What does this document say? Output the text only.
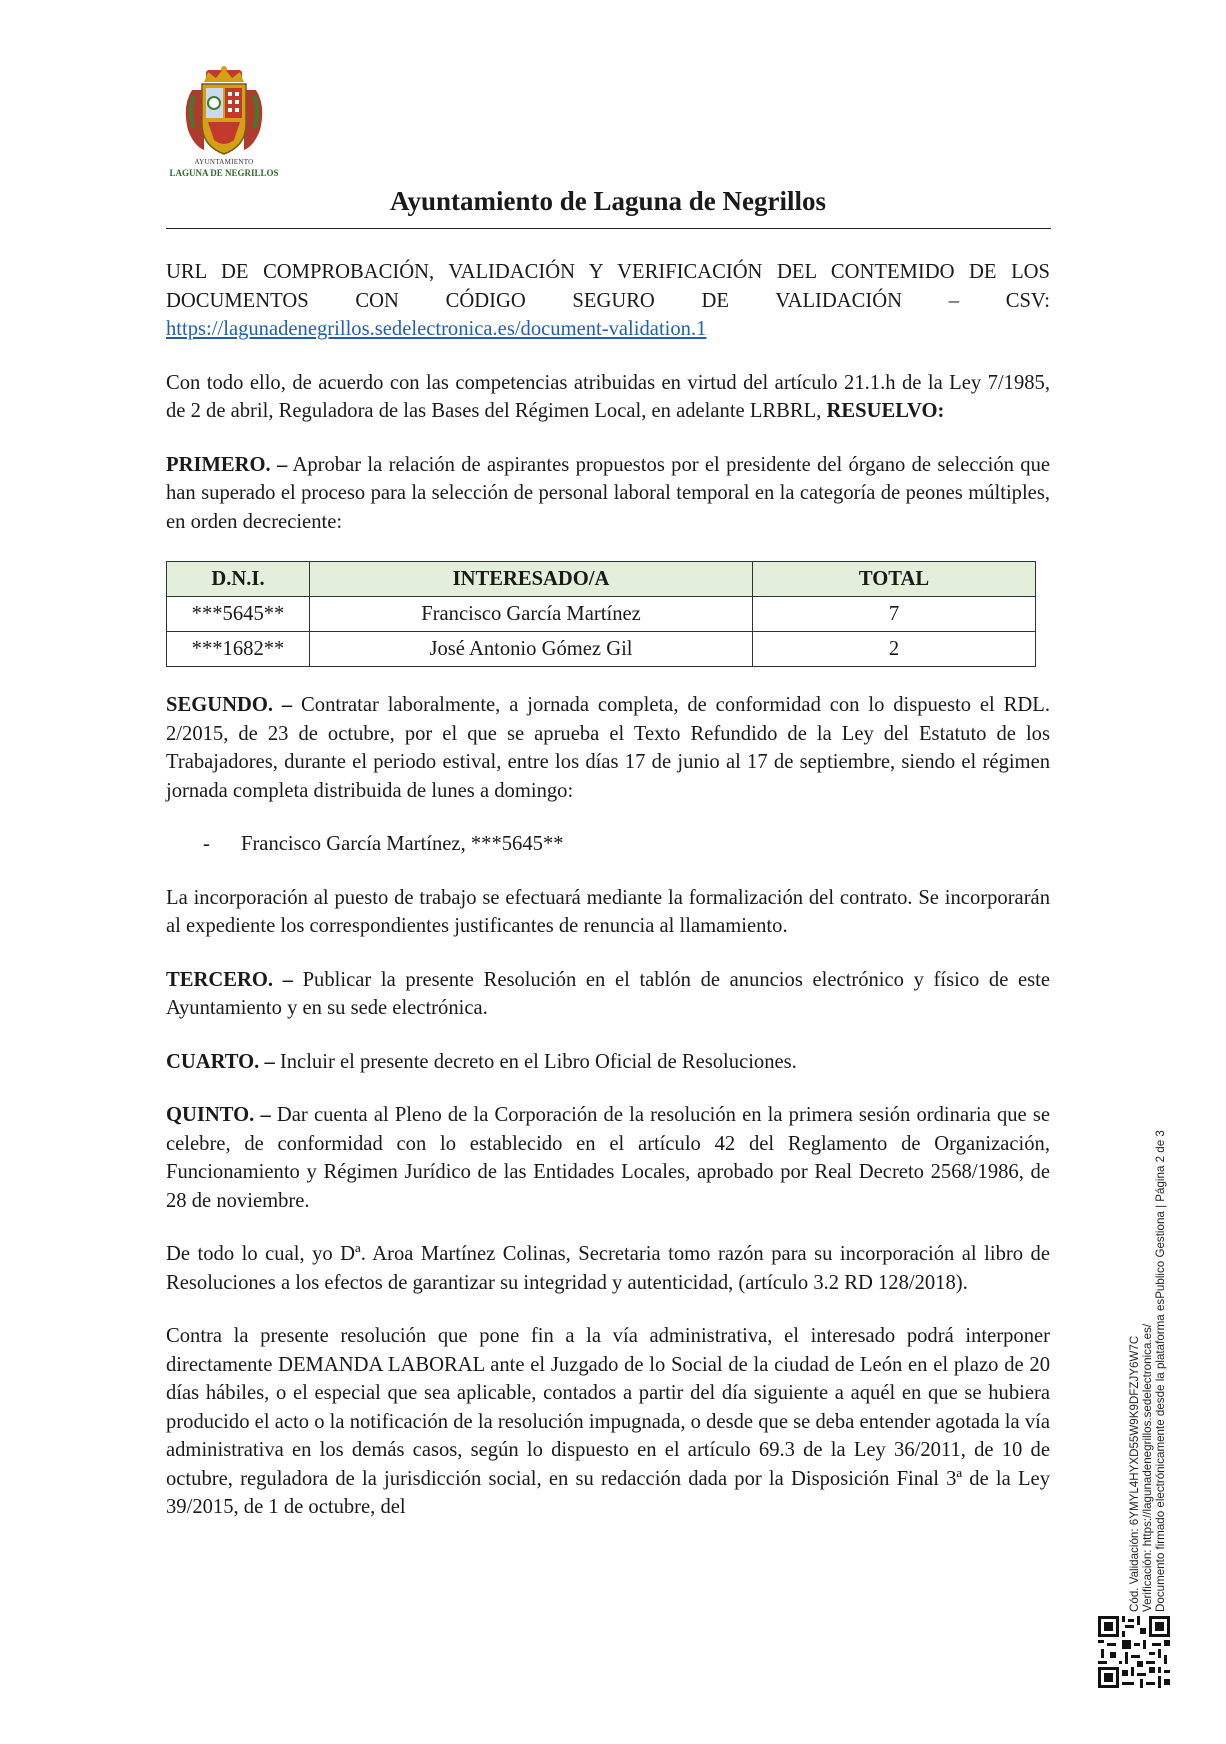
AYUNTAMIENTO
LAGUNA DE NEGRILLOS
Ayuntamiento de Laguna de Negrillos

URL DE COMPROBACIÓN, VALIDACIÓN Y VERIFICACIÓN DEL CONTEMIDO DE LOS DOCUMENTOS CON CÓDIGO SEGURO DE VALIDACIÓN – CSV: https://lagunadenegrillos.sedelectronica.es/document-validation.1

Con todo ello, de acuerdo con las competencias atribuidas en virtud del artículo 21.1.h de la Ley 7/1985, de 2 de abril, Reguladora de las Bases del Régimen Local, en adelante LRBRL, RESUELVO:

PRIMERO. – Aprobar la relación de aspirantes propuestos por el presidente del órgano de selección que han superado el proceso para la selección de personal laboral temporal en la categoría de peones múltiples, en orden decreciente:

D.N.I.	INTERESADO/A	TOTAL
***5645**	Francisco García Martínez	7
***1682**	José Antonio Gómez Gil	2

SEGUNDO. – Contratar laboralmente, a jornada completa, de conformidad con lo dispuesto el RDL. 2/2015, de 23 de octubre, por el que se aprueba el Texto Refundido de la Ley del Estatuto de los Trabajadores, durante el periodo estival, entre los días 17 de junio al 17 de septiembre, siendo el régimen jornada completa distribuida de lunes a domingo:

-	Francisco García Martínez, ***5645**

La incorporación al puesto de trabajo se efectuará mediante la formalización del contrato. Se incorporarán al expediente los correspondientes justificantes de renuncia al llamamiento.

TERCERO. – Publicar la presente Resolución en el tablón de anuncios electrónico y físico de este Ayuntamiento y en su sede electrónica.

CUARTO. – Incluir el presente decreto en el Libro Oficial de Resoluciones.

QUINTO. – Dar cuenta al Pleno de la Corporación de la resolución en la primera sesión ordinaria que se celebre, de conformidad con lo establecido en el artículo 42 del Reglamento de Organización, Funcionamiento y Régimen Jurídico de las Entidades Locales, aprobado por Real Decreto 2568/1986, de 28 de noviembre.

De todo lo cual, yo Dª. Aroa Martínez Colinas, Secretaria tomo razón para su incorporación al libro de Resoluciones a los efectos de garantizar su integridad y autenticidad, (artículo 3.2 RD 128/2018).

Contra la presente resolución que pone fin a la vía administrativa, el interesado podrá interponer directamente DEMANDA LABORAL ante el Juzgado de lo Social de la ciudad de León en el plazo de 20 días hábiles, o el especial que sea aplicable, contados a partir del día siguiente a aquél en que se hubiera producido el acto o la notificación de la resolución impugnada, o desde que se deba entender agotada la vía administrativa en los demás casos, según lo dispuesto en el artículo 69.3 de la Ley 36/2011, de 10 de octubre, reguladora de la jurisdicción social, en su redacción dada por la Disposición Final 3ª de la Ley 39/2015, de 1 de octubre, del	Cód. Validación: 6YMYL4HYXD55W9K9DFZJY6W7C Verificación: https://lagunadenegrillos.sedelectronica.es/ Documento firmado electrónicamente desde la plataforma esPublico Gestiona | Página 2 de 3
